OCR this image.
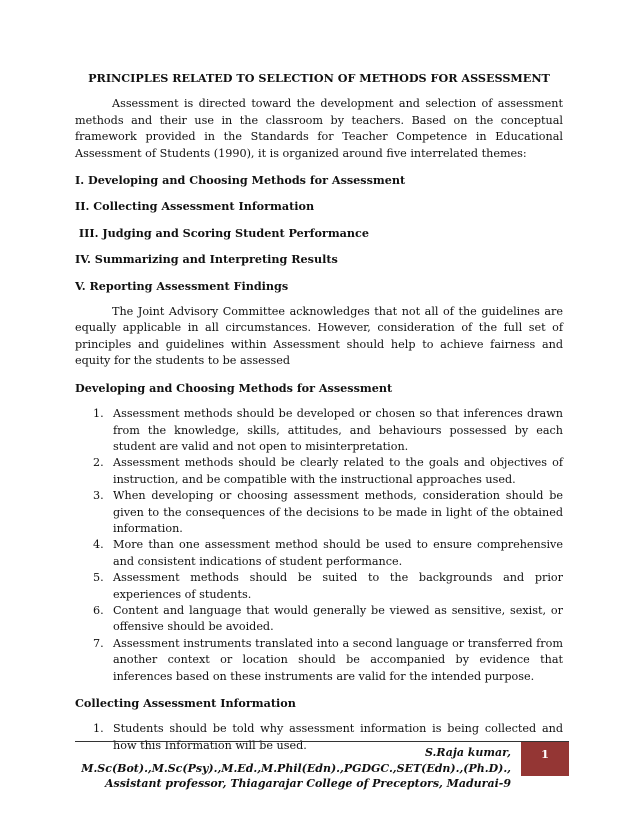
PRINCIPLES RELATED TO SELECTION OF METHODS FOR ASSESSMENT
Assessment is directed toward the development and selection of assessment methods and their use in the classroom by teachers. Based on the conceptual framework provided in the Standards for Teacher Competence in Educational Assessment of Students (1990), it is organized around five interrelated themes:
I. Developing and Choosing Methods for Assessment
II. Collecting Assessment Information
III. Judging and Scoring Student Performance
IV. Summarizing and Interpreting Results
V. Reporting Assessment Findings
The Joint Advisory Committee acknowledges that not all of the guidelines are equally applicable in all circumstances. However, consideration of the full set of principles and guidelines within Assessment should help to achieve fairness and equity for the students to be assessed
Developing and Choosing Methods for Assessment
1. Assessment methods should be developed or chosen so that inferences drawn from the knowledge, skills, attitudes, and behaviours possessed by each student are valid and not open to misinterpretation.
2. Assessment methods should be clearly related to the goals and objectives of instruction, and be compatible with the instructional approaches used.
3. When developing or choosing assessment methods, consideration should be given to the consequences of the decisions to be made in light of the obtained information.
4. More than one assessment method should be used to ensure comprehensive and consistent indications of student performance.
5. Assessment methods should be suited to the backgrounds and prior experiences of students.
6. Content and language that would generally be viewed as sensitive, sexist, or offensive should be avoided.
7. Assessment instruments translated into a second language or transferred from another context or location should be accompanied by evidence that inferences based on these instruments are valid for the intended purpose.
Collecting Assessment Information
1. Students should be told why assessment information is being collected and how this Information will be used.
S.Raja kumar, M.Sc(Bot).,M.Sc(Psy).,M.Ed.,M.Phil(Edn).,PGDGC.,SET(Edn).,(Ph.D).,
Assistant professor, Thiagarajar College of Preceptors, Madurai-9
1
